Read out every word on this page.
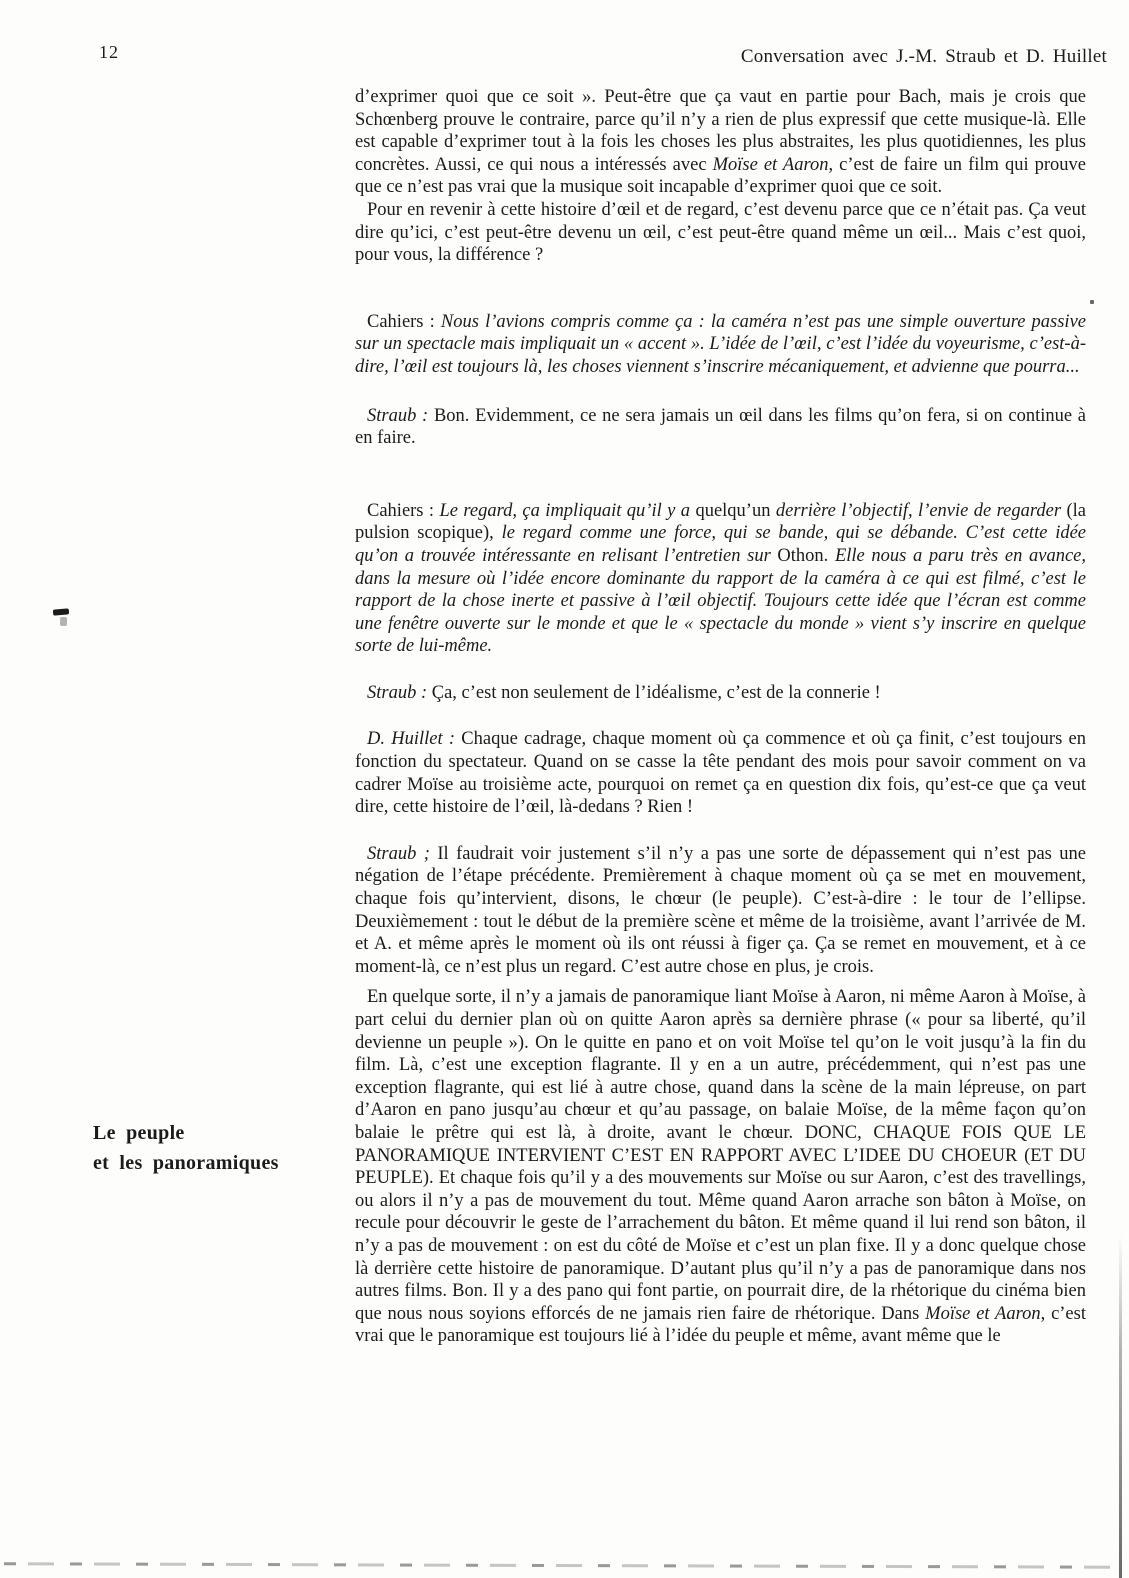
12	Conversation avec J.-M. Straub et D. Huillet
Le peuple
et les panoramiques

d’exprimer quoi que ce soit ». Peut-être que ça vaut en partie pour Bach, mais je crois que Schœnberg prouve le contraire, parce qu’il n’y a rien de plus expressif que cette musique-là. Elle est capable d’exprimer tout à la fois les choses les plus abstraites, les plus quotidiennes, les plus concrètes. Aussi, ce qui nous a intéressés avec Moïse et Aaron, c’est de faire un film qui prouve que ce n’est pas vrai que la musique soit incapable d’exprimer quoi que ce soit.

Pour en revenir à cette histoire d’œil et de regard, c’est devenu parce que ce n’était pas. Ça veut dire qu’ici, c’est peut-être devenu un œil, c’est peut-être quand même un œil... Mais c’est quoi, pour vous, la différence ?

Cahiers : Nous l’avions compris comme ça : la caméra n’est pas une simple ouverture passive sur un spectacle mais impliquait un « accent ». L’idée de l’œil, c’est l’idée du voyeurisme, c’est-à-dire, l’œil est toujours là, les choses viennent s’inscrire mécaniquement, et advienne que pourra...

Straub : Bon. Evidemment, ce ne sera jamais un œil dans les films qu’on fera, si on continue à en faire.

Cahiers : Le regard, ça impliquait qu’il y a quelqu’un derrière l’objectif, l’envie de regarder (la pulsion scopique), le regard comme une force, qui se bande, qui se débande. C’est cette idée qu’on a trouvée intéressante en relisant l’entretien sur Othon. Elle nous a paru très en avance, dans la mesure où l’idée encore dominante du rapport de la caméra à ce qui est filmé, c’est le rapport de la chose inerte et passive à l’œil objectif. Toujours cette idée que l’écran est comme une fenêtre ouverte sur le monde et que le « spectacle du monde » vient s’y inscrire en quelque sorte de lui-même.

Straub : Ça, c’est non seulement de l’idéalisme, c’est de la connerie !

D. Huillet : Chaque cadrage, chaque moment où ça commence et où ça finit, c’est toujours en fonction du spectateur. Quand on se casse la tête pendant des mois pour savoir comment on va cadrer Moïse au troisième acte, pourquoi on remet ça en question dix fois, qu’est-ce que ça veut dire, cette histoire de l’œil, là-dedans ? Rien !

Straub ; Il faudrait voir justement s’il n’y a pas une sorte de dépassement qui n’est pas une négation de l’étape précédente. Premièrement à chaque moment où ça se met en mouvement, chaque fois qu’intervient, disons, le chœur (le peuple). C’est-à-dire : le tour de l’ellipse. Deuxièmement : tout le début de la première scène et même de la troisième, avant l’arrivée de M. et A. et même après le moment où ils ont réussi à figer ça. Ça se remet en mouvement, et à ce moment-là, ce n’est plus un regard. C’est autre chose en plus, je crois.

En quelque sorte, il n’y a jamais de panoramique liant Moïse à Aaron, ni même Aaron à Moïse, à part celui du dernier plan où on quitte Aaron après sa dernière phrase (« pour sa liberté, qu’il devienne un peuple »). On le quitte en pano et on voit Moïse tel qu’on le voit jusqu’à la fin du film. Là, c’est une exception flagrante. Il y en a un autre, précédemment, qui n’est pas une exception flagrante, qui est lié à autre chose, quand dans la scène de la main lépreuse, on part d’Aaron en pano jusqu’au chœur et qu’au passage, on balaie Moïse, de la même façon qu’on balaie le prêtre qui est là, à droite, avant le chœur. DONC, CHAQUE FOIS QUE LE PANORAMIQUE INTERVIENT C’EST EN RAPPORT AVEC L’IDEE DU CHOEUR (ET DU PEUPLE). Et chaque fois qu’il y a des mouvements sur Moïse ou sur Aaron, c’est des travellings, ou alors il n’y a pas de mouvement du tout. Même quand Aaron arrache son bâton à Moïse, on recule pour découvrir le geste de l’arrachement du bâton. Et même quand il lui rend son bâton, il n’y a pas de mouvement : on est du côté de Moïse et c’est un plan fixe. Il y a donc quelque chose là derrière cette histoire de panoramique. D’autant plus qu’il n’y a pas de panoramique dans nos autres films. Bon. Il y a des pano qui font partie, on pourrait dire, de la rhétorique du cinéma bien que nous nous soyions efforcés de ne jamais rien faire de rhétorique. Dans Moïse et Aaron, c’est vrai que le panoramique est toujours lié à l’idée du peuple et même, avant même que le
